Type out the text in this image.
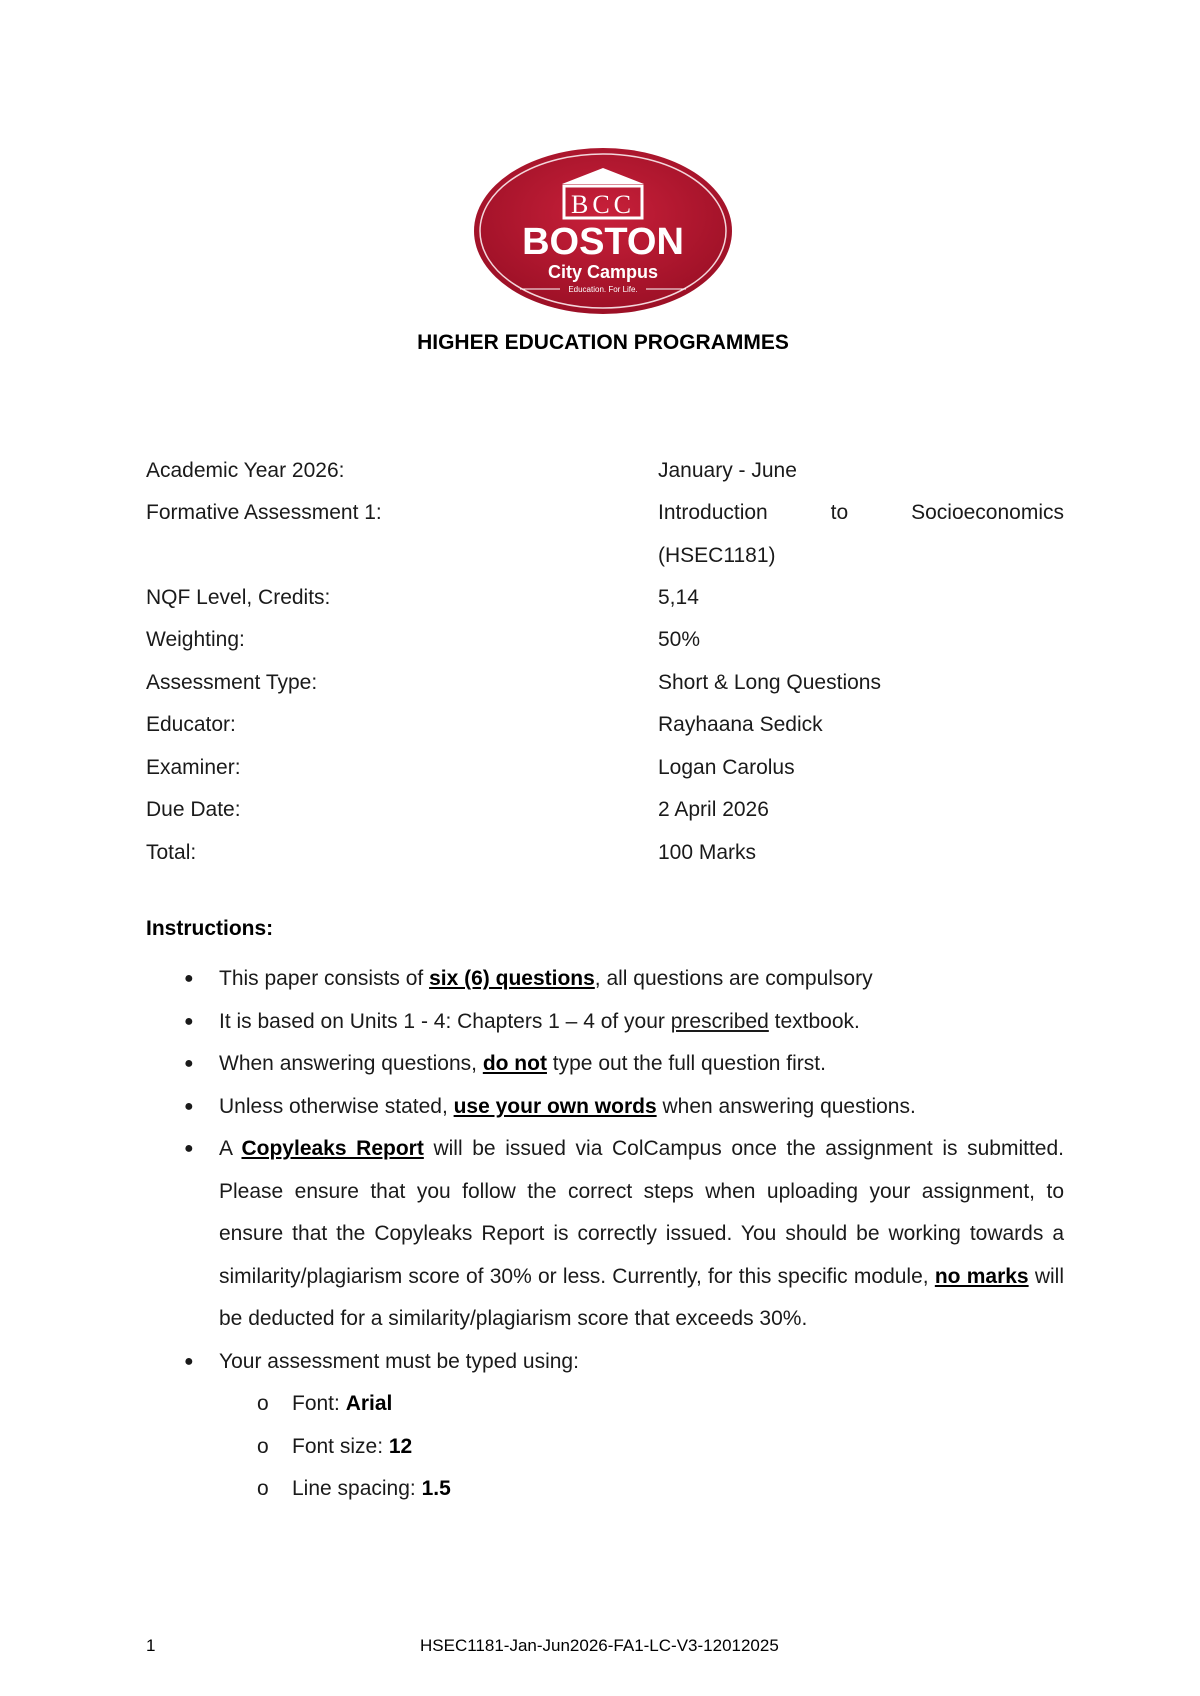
BCC
BOSTON
City Campus
Education. For Life.
HIGHER EDUCATION PROGRAMMES
Academic Year 2026:	January - June
Formative Assessment 1:	Introduction to Socioeconomics
(HSEC1181)
NQF Level, Credits:	5,14
Weighting:	50%
Assessment Type:	Short & Long Questions
Educator:	Rayhaana Sedick
Examiner:	Logan Carolus
Due Date:	2 April 2026
Total:	100 Marks
Instructions:
● This paper consists of six (6) questions, all questions are compulsory
● It is based on Units 1 - 4: Chapters 1 – 4 of your prescribed textbook.
● When answering questions, do not type out the full question first.
● Unless otherwise stated, use your own words when answering questions.
● A Copyleaks Report will be issued via ColCampus once the assignment is submitted. Please ensure that you follow the correct steps when uploading your assignment, to ensure that the Copyleaks Report is correctly issued. You should be working towards a similarity/plagiarism score of 30% or less. Currently, for this specific module, no marks will be deducted for a similarity/plagiarism score that exceeds 30%.
● Your assessment must be typed using:
o Font: Arial
o Font size: 12
o Line spacing: 1.5
1	HSEC1181-Jan-Jun2026-FA1-LC-V3-12012025
